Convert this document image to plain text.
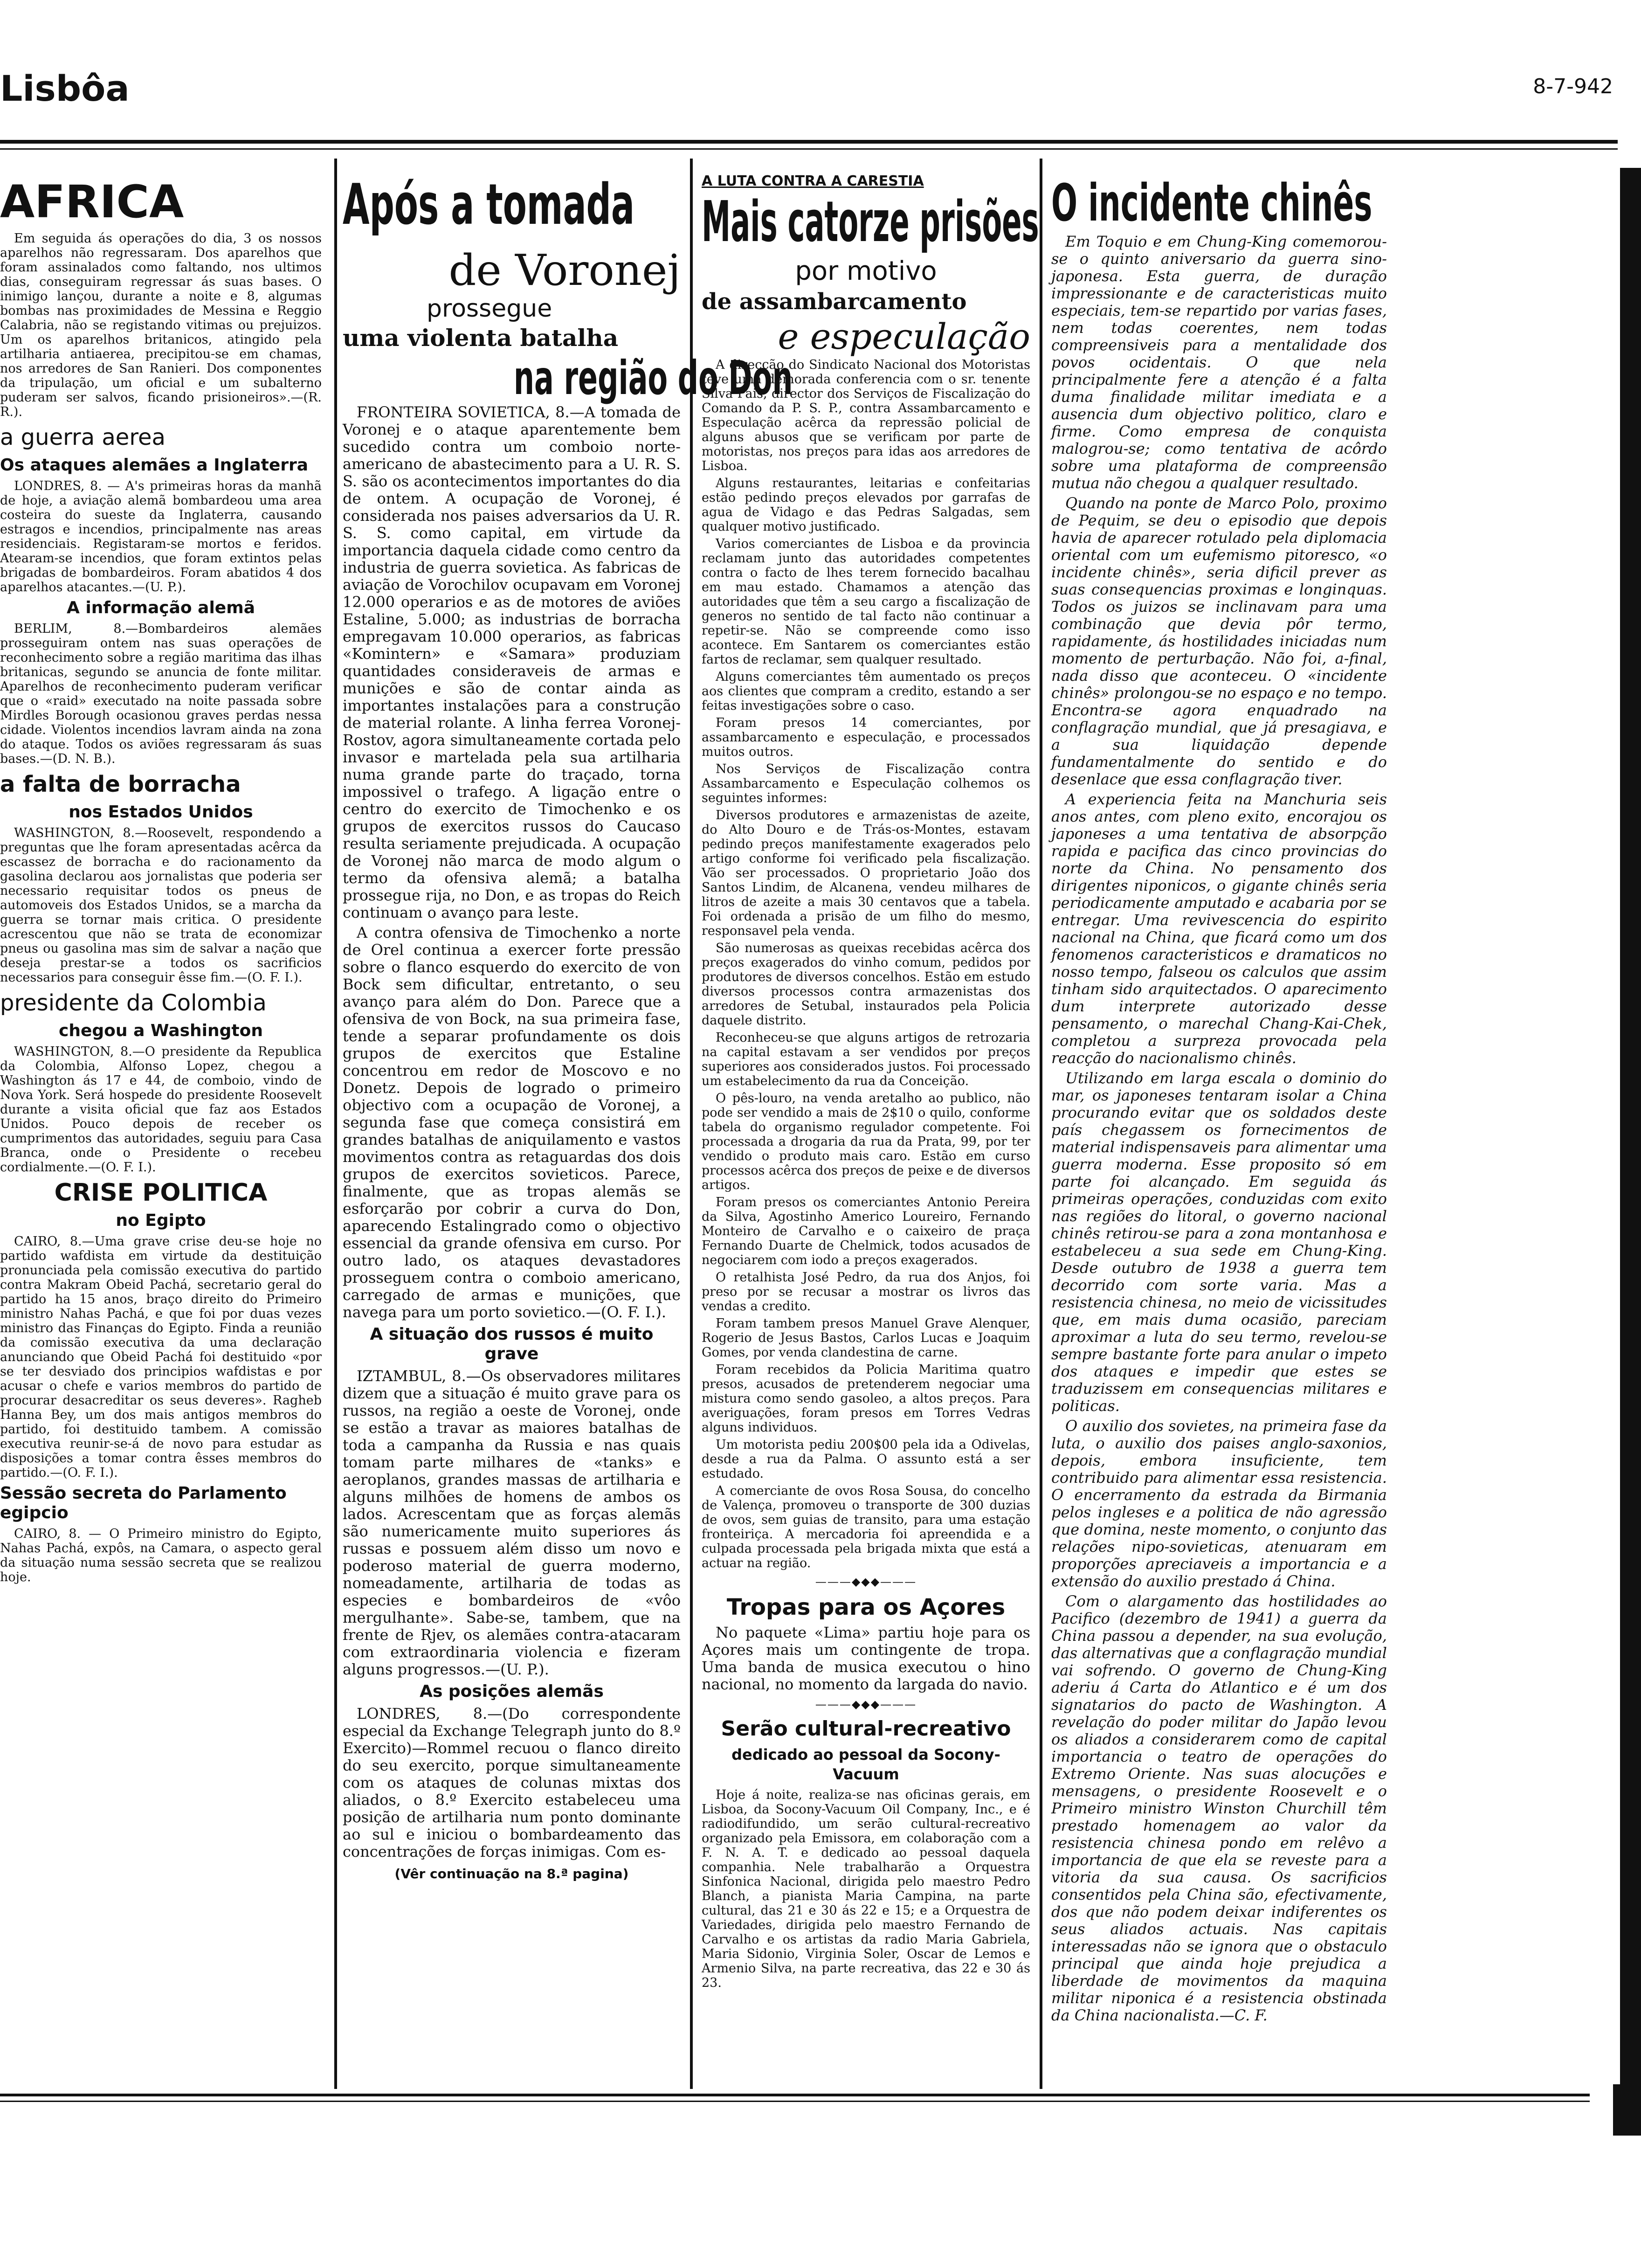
Lisbôa	8-7-942
AFRICA

Em seguida ás operações do dia, 3 os nossos aparelhos não regressaram. Dos aparelhos que foram assinalados como faltando, nos ultimos dias, conseguiram regressar ás suas bases. O inimigo lançou, durante a noite e 8, algumas bombas nas proximidades de Messina e Reggio Calabria, não se registando vitimas ou prejuizos. Um os aparelhos britanicos, atingido pela artilharia antiaerea, precipitou-se em chamas, nos arredores de San Ranieri. Dos componentes da tripulação, um oficial e um subalterno puderam ser salvos, ficando prisioneiros».—(R. R.).

a guerra aerea
Os ataques alemães a Inglaterra

LONDRES, 8. — A's primeiras horas da manhã de hoje, a aviação alemã bombardeou uma area costeira do sueste da Inglaterra, causando estragos e incendios, principalmente nas areas residenciais. Registaram-se mortos e feridos. Atearam-se incendios, que foram extintos pelas brigadas de bombardeiros. Foram abatidos 4 dos aparelhos atacantes.—(U. P.).

A informação alemã

BERLIM, 8.—Bombardeiros alemães prosseguiram ontem nas suas operações de reconhecimento sobre a região maritima das ilhas britanicas, segundo se anuncia de fonte militar. Aparelhos de reconhecimento puderam verificar que o «raid» executado na noite passada sobre Mirdles Borough ocasionou graves perdas nessa cidade. Violentos incendios lavram ainda na zona do ataque. Todos os aviões regressaram ás suas bases.—(D. N. B.).

a falta de borracha
nos Estados Unidos

WASHINGTON, 8.—Roosevelt, respondendo a preguntas que lhe foram apresentadas acêrca da escassez de borracha e do racionamento da gasolina declarou aos jornalistas que poderia ser necessario requisitar todos os pneus de automoveis dos Estados Unidos, se a marcha da guerra se tornar mais critica. O presidente acrescentou que não se trata de economizar pneus ou gasolina mas sim de salvar a nação que deseja prestar-se a todos os sacrificios necessarios para conseguir êsse fim.—(O. F. I.).

presidente da Colombia
chegou a Washington

WASHINGTON, 8.—O presidente da Republica da Colombia, Alfonso Lopez, chegou a Washington ás 17 e 44, de comboio, vindo de Nova York. Será hospede do presidente Roosevelt durante a visita oficial que faz aos Estados Unidos. Pouco depois de receber os cumprimentos das autoridades, seguiu para Casa Branca, onde o Presidente o recebeu cordialmente.—(O. F. I.).

CRISE POLITICA
no Egipto

CAIRO, 8.—Uma grave crise deu-se hoje no partido wafdista em virtude da destituição pronunciada pela comissão executiva do partido contra Makram Obeid Pachá, secretario geral do partido ha 15 anos, braço direito do Primeiro ministro Nahas Pachá, e que foi por duas vezes ministro das Finanças do Egipto. Finda a reunião da comissão executiva da uma declaração anunciando que Obeid Pachá foi destituido «por se ter desviado dos principios wafdistas e por acusar o chefe e varios membros do partido de procurar desacreditar os seus deveres». Ragheb Hanna Bey, um dos mais antigos membros do partido, foi destituido tambem. A comissão executiva reunir-se-á de novo para estudar as disposições a tomar contra êsses membros do partido.—(O. F. I.).

Sessão secreta do Parlamento egipcio

CAIRO, 8. — O Primeiro ministro do Egipto, Nahas Pachá, expôs, na Camara, o aspecto geral da situação numa sessão secreta que se realizou hoje.

Após a tomada
de Voronej
prossegue
uma violenta batalha
na região do Don

FRONTEIRA SOVIETICA, 8.—A tomada de Voronej e o ataque aparentemente bem sucedido contra um comboio norte-americano de abastecimento para a U. R. S. S. são os acontecimentos importantes do dia de ontem. A ocupação de Voronej, é considerada nos paises adversarios da U. R. S. S. como capital, em virtude da importancia daquela cidade como centro da industria de guerra sovietica. As fabricas de aviação de Vorochilov ocupavam em Voronej 12.000 operarios e as de motores de aviões Estaline, 5.000; as industrias de borracha empregavam 10.000 operarios, as fabricas «Komintern» e «Samara» produziam quantidades consideraveis de armas e munições e são de contar ainda as importantes instalações para a construção de material rolante. A linha ferrea Voronej-Rostov, agora simultaneamente cortada pelo invasor e martelada pela sua artilharia numa grande parte do traçado, torna impossivel o trafego. A ligação entre o centro do exercito de Timochenko e os grupos de exercitos russos do Caucaso resulta seriamente prejudicada. A ocupação de Voronej não marca de modo algum o termo da ofensiva alemã; a batalha prossegue rija, no Don, e as tropas do Reich continuam o avanço para leste.

A contra ofensiva de Timochenko a norte de Orel continua a exercer forte pressão sobre o flanco esquerdo do exercito de von Bock sem dificultar, entretanto, o seu avanço para além do Don. Parece que a ofensiva de von Bock, na sua primeira fase, tende a separar profundamente os dois grupos de exercitos que Estaline concentrou em redor de Moscovo e no Donetz. Depois de logrado o primeiro objectivo com a ocupação de Voronej, a segunda fase que começa consistirá em grandes batalhas de aniquilamento e vastos movimentos contra as retaguardas dos dois grupos de exercitos sovieticos. Parece, finalmente, que as tropas alemãs se esforçarão por cobrir a curva do Don, aparecendo Estalingrado como o objectivo essencial da grande ofensiva em curso. Por outro lado, os ataques devastadores prosseguem contra o comboio americano, carregado de armas e munições, que navega para um porto sovietico.—(O. F. I.).

A situação dos russos é muito grave

IZTAMBUL, 8.—Os observadores militares dizem que a situação é muito grave para os russos, na região a oeste de Voronej, onde se estão a travar as maiores batalhas de toda a campanha da Russia e nas quais tomam parte milhares de «tanks» e aeroplanos, grandes massas de artilharia e alguns milhões de homens de ambos os lados. Acrescentam que as forças alemãs são numericamente muito superiores ás russas e possuem além disso um novo e poderoso material de guerra moderno, nomeadamente, artilharia de todas as especies e bombardeiros de «vôo mergulhante». Sabe-se, tambem, que na frente de Rjev, os alemães contra-atacaram com extraordinaria violencia e fizeram alguns progressos.—(U. P.).

As posições alemãs

LONDRES, 8.—(Do correspondente especial da Exchange Telegraph junto do 8.º Exercito)—Rommel recuou o flanco direito do seu exercito, porque simultaneamente com os ataques de colunas mixtas dos aliados, o 8.º Exercito estabeleceu uma posição de artilharia num ponto dominante ao sul e iniciou o bombardeamento das concentrações de forças inimigas. Com es-

(Vêr continuação na 8.ª pagina)
A LUTA CONTRA A CARESTIA
Mais catorze prisões
por motivo
de assambarcamento
e especulação

A direcção do Sindicato Nacional dos Motoristas teve uma demorada conferencia com o sr. tenente Silva Pais, director dos Serviços de Fiscalização do Comando da P. S. P., contra Assambarcamento e Especulação acêrca da repressão policial de alguns abusos que se verificam por parte de motoristas, nos preços para idas aos arredores de Lisboa.

Alguns restaurantes, leitarias e confeitarias estão pedindo preços elevados por garrafas de agua de Vidago e das Pedras Salgadas, sem qualquer motivo justificado.

Varios comerciantes de Lisboa e da provincia reclamam junto das autoridades competentes contra o facto de lhes terem fornecido bacalhau em mau estado. Chamamos a atenção das autoridades que têm a seu cargo a fiscalização de generos no sentido de tal facto não continuar a repetir-se. Não se compreende como isso acontece. Em Santarem os comerciantes estão fartos de reclamar, sem qualquer resultado.

Alguns comerciantes têm aumentado os preços aos clientes que compram a credito, estando a ser feitas investigações sobre o caso.

Foram presos 14 comerciantes, por assambarcamento e especulação, e processados muitos outros.

Nos Serviços de Fiscalização contra Assambarcamento e Especulação colhemos os seguintes informes:

Diversos produtores e armazenistas de azeite, do Alto Douro e de Trás-os-Montes, estavam pedindo preços manifestamente exagerados pelo artigo conforme foi verificado pela fiscalização. Vão ser processados. O proprietario João dos Santos Lindim, de Alcanena, vendeu milhares de litros de azeite a mais 30 centavos que a tabela. Foi ordenada a prisão de um filho do mesmo, responsavel pela venda.

São numerosas as queixas recebidas acêrca dos preços exagerados do vinho comum, pedidos por produtores de diversos concelhos. Estão em estudo diversos processos contra armazenistas dos arredores de Setubal, instaurados pela Policia daquele distrito.

Reconheceu-se que alguns artigos de retrozaria na capital estavam a ser vendidos por preços superiores aos considerados justos. Foi processado um estabelecimento da rua da Conceição.

O pês-louro, na venda aretalho ao publico, não pode ser vendido a mais de 2$10 o quilo, conforme tabela do organismo regulador competente. Foi processada a drogaria da rua da Prata, 99, por ter vendido o produto mais caro. Estão em curso processos acêrca dos preços de peixe e de diversos artigos.

Foram presos os comerciantes Antonio Pereira da Silva, Agostinho Americo Loureiro, Fernando Monteiro de Carvalho e o caixeiro de praça Fernando Duarte de Chelmick, todos acusados de negociarem com iodo a preços exagerados.

O retalhista José Pedro, da rua dos Anjos, foi preso por se recusar a mostrar os livros das vendas a credito.

Foram tambem presos Manuel Grave Alenquer, Rogerio de Jesus Bastos, Carlos Lucas e Joaquim Gomes, por venda clandestina de carne.

Foram recebidos da Policia Maritima quatro presos, acusados de pretenderem negociar uma mistura como sendo gasoleo, a altos preços. Para averiguações, foram presos em Torres Vedras alguns individuos.

Um motorista pediu 200$00 pela ida a Odivelas, desde a rua da Palma. O assunto está a ser estudado.

A comerciante de ovos Rosa Sousa, do concelho de Valença, promoveu o transporte de 300 duzias de ovos, sem guias de transito, para uma estação fronteiriça. A mercadoria foi apreendida e a culpada processada pela brigada mixta que está a actuar na região.

———◆◆◆———
Tropas para os Açores

No paquete «Lima» partiu hoje para os Açores mais um contingente de tropa. Uma banda de musica executou o hino nacional, no momento da largada do navio.

———◆◆◆———
Serão cultural-recreativo
dedicado ao pessoal da Socony-Vacuum

Hoje á noite, realiza-se nas oficinas gerais, em Lisboa, da Socony-Vacuum Oil Company, Inc., e é radiodifundido, um serão cultural-recreativo organizado pela Emissora, em colaboração com a F. N. A. T. e dedicado ao pessoal daquela companhia. Nele trabalharão a Orquestra Sinfonica Nacional, dirigida pelo maestro Pedro Blanch, a pianista Maria Campina, na parte cultural, das 21 e 30 ás 22 e 15; e a Orquestra de Variedades, dirigida pelo maestro Fernando de Carvalho e os artistas da radio Maria Gabriela, Maria Sidonio, Virginia Soler, Oscar de Lemos e Armenio Silva, na parte recreativa, das 22 e 30 ás 23.

O incidente chinês

Em Toquio e em Chung-King comemorou-se o quinto aniversario da guerra sino-japonesa. Esta guerra, de duração impressionante e de caracteristicas muito especiais, tem-se repartido por varias fases, nem todas coerentes, nem todas compreensiveis para a mentalidade dos povos ocidentais. O que nela principalmente fere a atenção é a falta duma finalidade militar imediata e a ausencia dum objectivo politico, claro e firme. Como empresa de conquista malogrou-se; como tentativa de acôrdo sobre uma plataforma de compreensão mutua não chegou a qualquer resultado.

Quando na ponte de Marco Polo, proximo de Pequim, se deu o episodio que depois havia de aparecer rotulado pela diplomacia oriental com um eufemismo pitoresco, «o incidente chinês», seria dificil prever as suas consequencias proximas e longinquas. Todos os juizos se inclinavam para uma combinação que devia pôr termo, rapidamente, ás hostilidades iniciadas num momento de perturbação. Não foi, a-final, nada disso que aconteceu. O «incidente chinês» prolongou-se no espaço e no tempo. Encontra-se agora enquadrado na conflagração mundial, que já presagiava, e a sua liquidação depende fundamentalmente do sentido e do desenlace que essa conflagração tiver.

A experiencia feita na Manchuria seis anos antes, com pleno exito, encorajou os japoneses a uma tentativa de absorpção rapida e pacifica das cinco provincias do norte da China. No pensamento dos dirigentes niponicos, o gigante chinês seria periodicamente amputado e acabaria por se entregar. Uma revivescencia do espirito nacional na China, que ficará como um dos fenomenos caracteristicos e dramaticos no nosso tempo, falseou os calculos que assim tinham sido arquitectados. O aparecimento dum interprete autorizado desse pensamento, o marechal Chang-Kai-Chek, completou a surpreza provocada pela reacção do nacionalismo chinês.

Utilizando em larga escala o dominio do mar, os japoneses tentaram isolar a China procurando evitar que os soldados deste país chegassem os fornecimentos de material indispensaveis para alimentar uma guerra moderna. Esse proposito só em parte foi alcançado. Em seguida ás primeiras operações, conduzidas com exito nas regiões do litoral, o governo nacional chinês retirou-se para a zona montanhosa e estabeleceu a sua sede em Chung-King. Desde outubro de 1938 a guerra tem decorrido com sorte varia. Mas a resistencia chinesa, no meio de vicissitudes que, em mais duma ocasião, pareciam aproximar a luta do seu termo, revelou-se sempre bastante forte para anular o impeto dos ataques e impedir que estes se traduzissem em consequencias militares e politicas.

O auxilio dos sovietes, na primeira fase da luta, o auxilio dos paises anglo-saxonios, depois, embora insuficiente, tem contribuido para alimentar essa resistencia. O encerramento da estrada da Birmania pelos ingleses e a politica de não agressão que domina, neste momento, o conjunto das relações nipo-sovieticas, atenuaram em proporções apreciaveis a importancia e a extensão do auxilio prestado á China.

Com o alargamento das hostilidades ao Pacifico (dezembro de 1941) a guerra da China passou a depender, na sua evolução, das alternativas que a conflagração mundial vai sofrendo. O governo de Chung-King aderiu á Carta do Atlantico e é um dos signatarios do pacto de Washington. A revelação do poder militar do Japão levou os aliados a considerarem como de capital importancia o teatro de operações do Extremo Oriente. Nas suas alocuções e mensagens, o presidente Roosevelt e o Primeiro ministro Winston Churchill têm prestado homenagem ao valor da resistencia chinesa pondo em relêvo a importancia de que ela se reveste para a vitoria da sua causa. Os sacrificios consentidos pela China são, efectivamente, dos que não podem deixar indiferentes os seus aliados actuais. Nas capitais interessadas não se ignora que o obstaculo principal que ainda hoje prejudica a liberdade de movimentos da maquina militar niponica é a resistencia obstinada da China nacionalista.—C. F.
